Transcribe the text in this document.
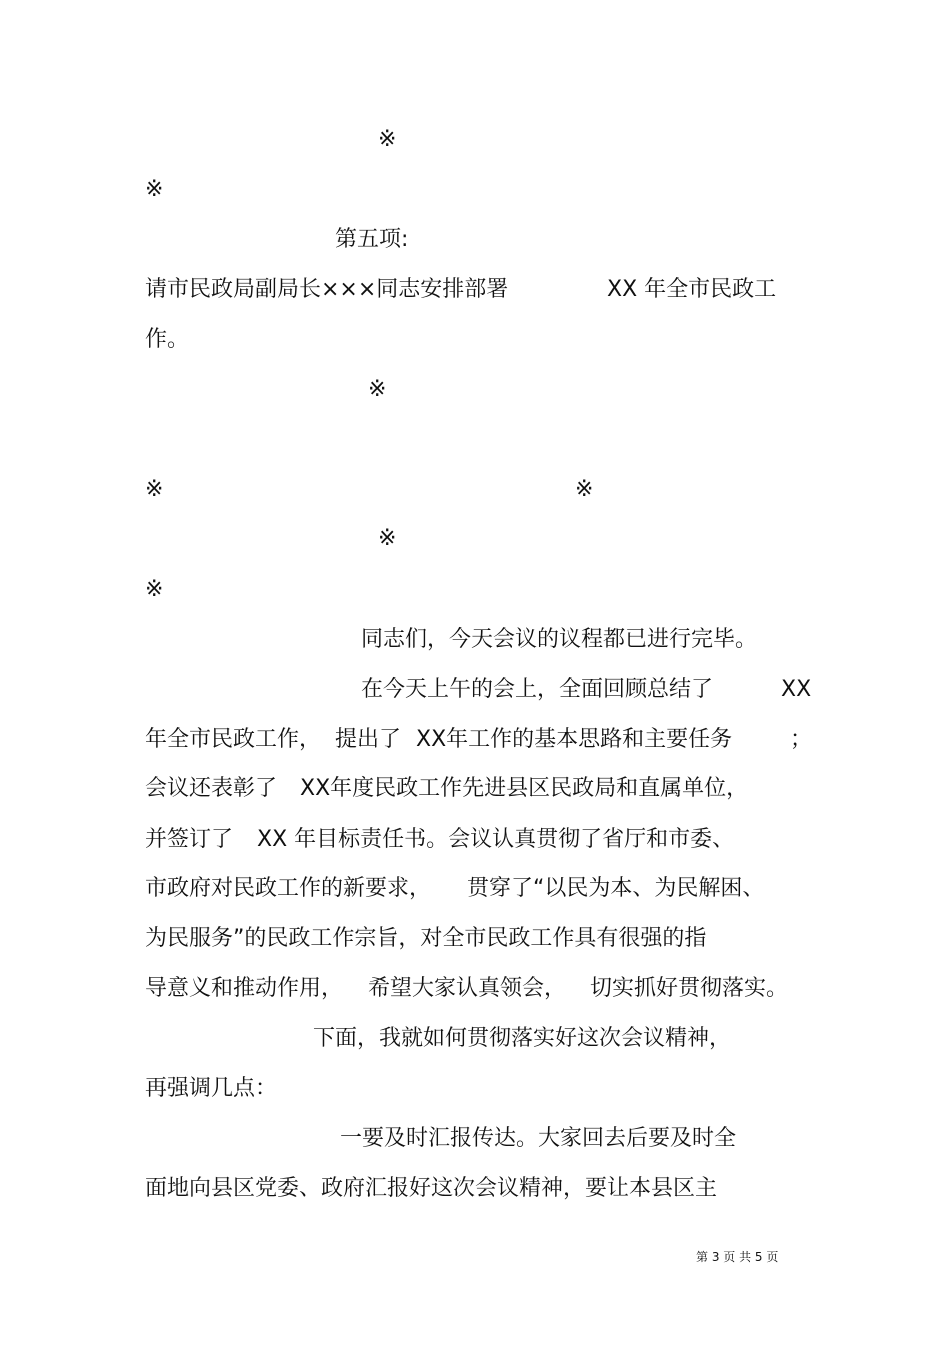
※
※
第五项:
请市民政局副局长×××同志安排部署	XX 年全市民政工
作。
※
※	※
※
※
同志们，今天会议的议程都已进行完毕。
在今天上午的会上，全面回顾总结了	XX
年全市民政工作， 提出了 XX年工作的基本思路和主要任务	；
会议还表彰了 XX年度民政工作先进县区民政局和直属单位，
并签订了 XX 年目标责任书。会议认真贯彻了省厅和市委、
市政府对民政工作的新要求， 贯穿了“以民为本、为民解困、
为民服务”的民政工作宗旨，对全市民政工作具有很强的指
导意义和推动作用， 希望大家认真领会， 切实抓好贯彻落实。
下面，我就如何贯彻落实好这次会议精神，
再强调几点：
一要及时汇报传达。大家回去后要及时全
面地向县区党委、政府汇报好这次会议精神，要让本县区主
第 3 页 共 5 页
